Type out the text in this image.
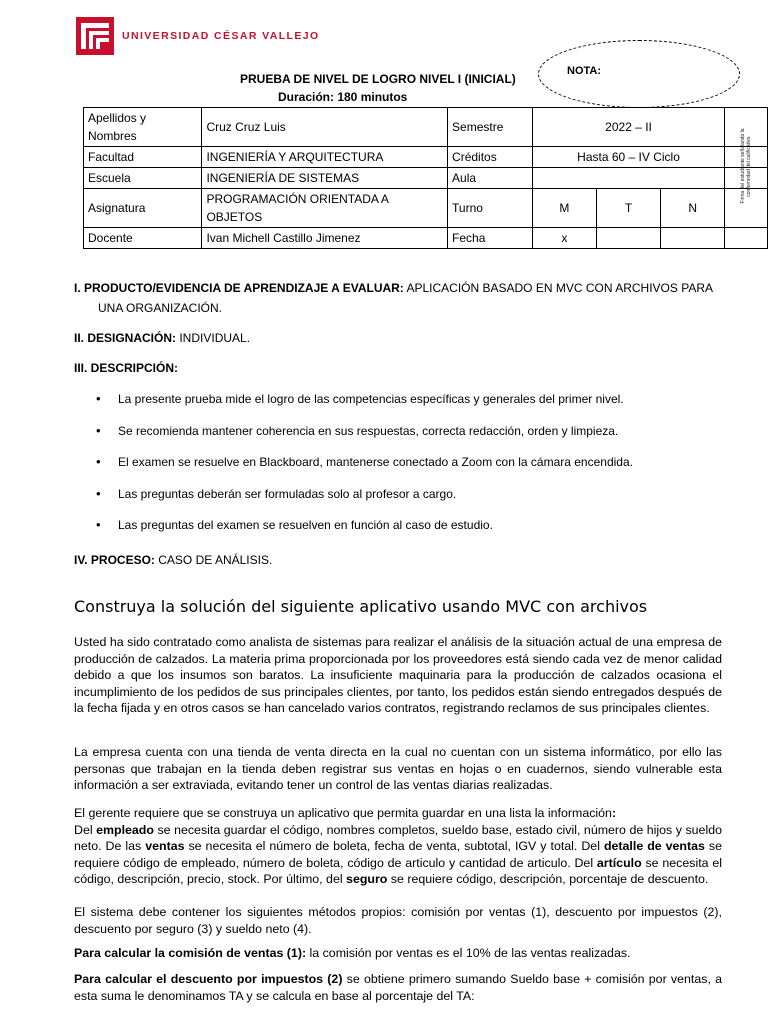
UNIVERSIDAD CÉSAR VALLEJO
NOTA:
PRUEBA DE NIVEL DE LOGRO NIVEL I (INICIAL)
Duración: 180 minutos
Apellidos y Nombres	Cruz Cruz Luis	Semestre	2022 – II			
Facultad	INGENIERÍA Y ARQUITECTURA	Créditos	Hasta 60 – IV Ciclo			
Escuela	INGENIERÍA DE SISTEMAS	Aula				
Asignatura	PROGRAMACIÓN ORIENTADA A OBJETOS	Turno	M	T	N	
Docente	Ivan Michell Castillo Jimenez	Fecha	x			
Firma del estudiante señalando la conformidad del calificativo.
I. PRODUCTO/EVIDENCIA DE APRENDIZAJE A EVALUAR: APLICACIÓN BASADO EN MVC CON ARCHIVOS PARA
UNA ORGANIZACIÓN.
II. DESIGNACIÓN: INDIVIDUAL.
III. DESCRIPCIÓN:
•	La presente prueba mide el logro de las competencias específicas y generales del primer nivel.
•	Se recomienda mantener coherencia en sus respuestas, correcta redacción, orden y limpieza.
•	El examen se resuelve en Blackboard, mantenerse conectado a Zoom con la cámara encendida.
•	Las preguntas deberán ser formuladas solo al profesor a cargo.
•	Las preguntas del examen se resuelven en función al caso de estudio.
IV. PROCESO: CASO DE ANÁLISIS.
Construya la solución del siguiente aplicativo usando MVC con archivos
Usted ha sido contratado como analista de sistemas para realizar el análisis de la situación actual de una empresa de producción de calzados. La materia prima proporcionada por los proveedores está siendo cada vez de menor calidad debido a que los insumos son baratos. La insuficiente maquinaria para la producción de calzados ocasiona el incumplimiento de los pedidos de sus principales clientes, por tanto, los pedidos están siendo entregados después de la fecha fijada y en otros casos se han cancelado varios contratos, registrando reclamos de sus principales clientes.
La empresa cuenta con una tienda de venta directa en la cual no cuentan con un sistema informático, por ello las personas que trabajan en la tienda deben registrar sus ventas en hojas o en cuadernos, siendo vulnerable esta información a ser extraviada, evitando tener un control de las ventas diarias realizadas.
El gerente requiere que se construya un aplicativo que permita guardar en una lista la información:
Del empleado se necesita guardar el código, nombres completos, sueldo base, estado civil, número de hijos y sueldo neto. De las ventas se necesita el número de boleta, fecha de venta, subtotal, IGV y total. Del detalle de ventas se requiere código de empleado, número de boleta, código de articulo y cantidad de articulo. Del artículo se necesita el código, descripción, precio, stock. Por último, del seguro se requiere código, descripción, porcentaje de descuento.
El sistema debe contener los siguientes métodos propios: comisión por ventas (1), descuento por impuestos (2), descuento por seguro (3) y sueldo neto (4).
Para calcular la comisión de ventas (1): la comisión por ventas es el 10% de las ventas realizadas.
Para calcular el descuento por impuestos (2) se obtiene primero sumando Sueldo base + comisión por ventas, a esta suma le denominamos TA y se calcula en base al porcentaje del TA:
